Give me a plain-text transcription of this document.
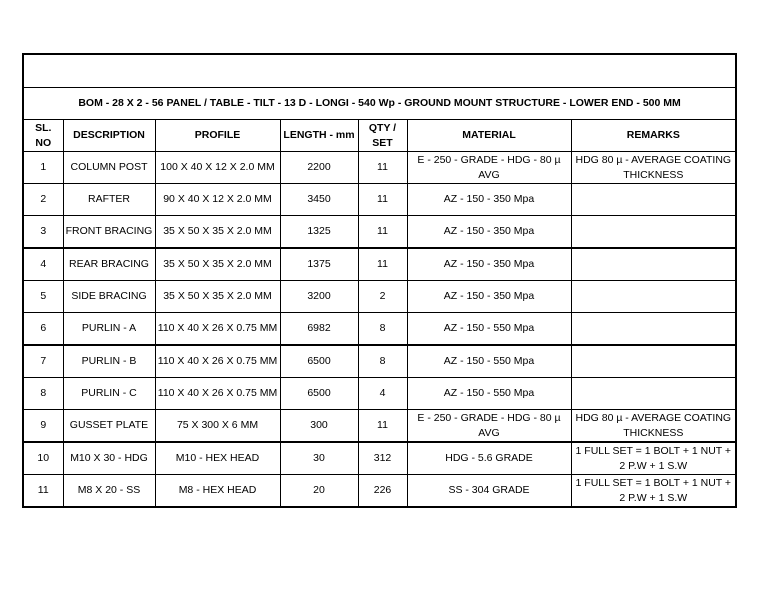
BOM - 28 X 2 - 56 PANEL / TABLE - TILT - 13 D - LONGI - 540 Wp - GROUND MOUNT STRUCTURE - LOWER END - 500 MM						
SL. NO	DESCRIPTION	PROFILE	LENGTH - mm	QTY / SET	MATERIAL	REMARKS
1	COLUMN POST	100 X 40 X 12 X 2.0 MM	2200	11	E - 250 - GRADE - HDG - 80 µ AVG	HDG 80 µ - AVERAGE COATING THICKNESS
2	RAFTER	90 X 40 X 12 X 2.0 MM	3450	11	AZ - 150 - 350 Mpa	
3	FRONT BRACING	35 X 50 X 35 X 2.0 MM	1325	11	AZ - 150 - 350 Mpa	
4	REAR BRACING	35 X 50 X 35 X 2.0 MM	1375	11	AZ - 150 - 350 Mpa	
5	SIDE BRACING	35 X 50 X 35 X 2.0 MM	3200	2	AZ - 150 - 350 Mpa	
6	PURLIN - A	110 X 40 X 26 X 0.75 MM	6982	8	AZ - 150 - 550 Mpa	
7	PURLIN - B	110 X 40 X 26 X 0.75 MM	6500	8	AZ - 150 - 550 Mpa	
8	PURLIN - C	110 X 40 X 26 X 0.75 MM	6500	4	AZ - 150 - 550 Mpa	
9	GUSSET PLATE	75 X 300 X 6 MM	300	11	E - 250 - GRADE - HDG - 80 µ AVG	HDG 80 µ - AVERAGE COATING THICKNESS
10	M10 X 30 - HDG	M10 - HEX HEAD	30	312	HDG - 5.6 GRADE	1 FULL SET = 1 BOLT + 1 NUT + 2 P.W + 1 S.W
11	M8 X 20 - SS	M8 - HEX HEAD	20	226	SS - 304 GRADE	1 FULL SET = 1 BOLT + 1 NUT + 2 P.W + 1 S.W
